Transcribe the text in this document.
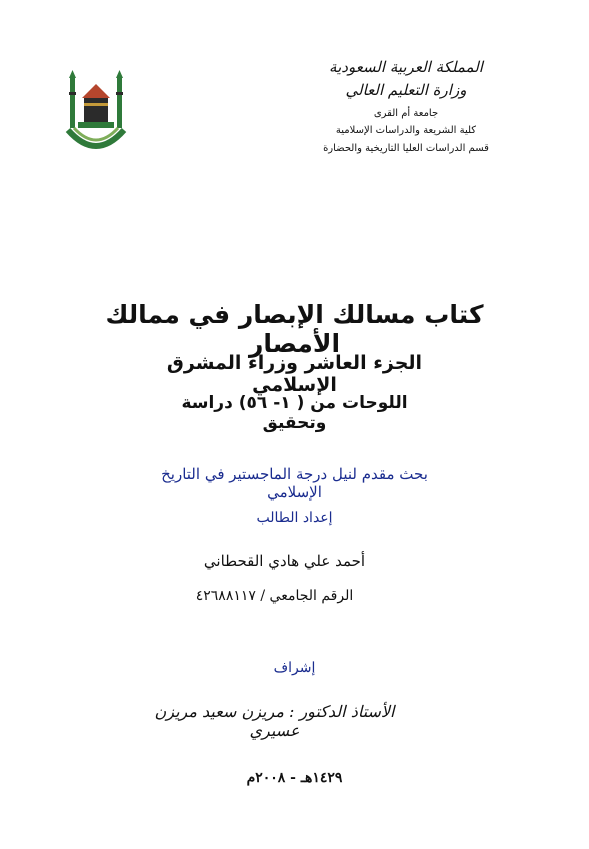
المملكة العربية السعودية
وزارة التعليم العالي
جامعة أم القرى
كلية الشريعة والدراسات الإسلامية
قسم الدراسات العليا التاريخية والحضارة
كتاب مسالك الإبصار في ممالك الأمصار
الجزء العاشر وزراء المشرق الإسلامي
اللوحات من ( ١- ٥٦) دراسة وتحقيق
بحث مقدم لنيل درجة الماجستير في التاريخ الإسلامي
إعداد الطالب
أحمد علي هادي القحطاني
الرقم الجامعي / ٤٢٦٨٨١١٧
إشراف
الأستاذ الدكتور : مريزن سعيد مريزن عسيري
١٤٢٩هـ - ٢٠٠٨م
